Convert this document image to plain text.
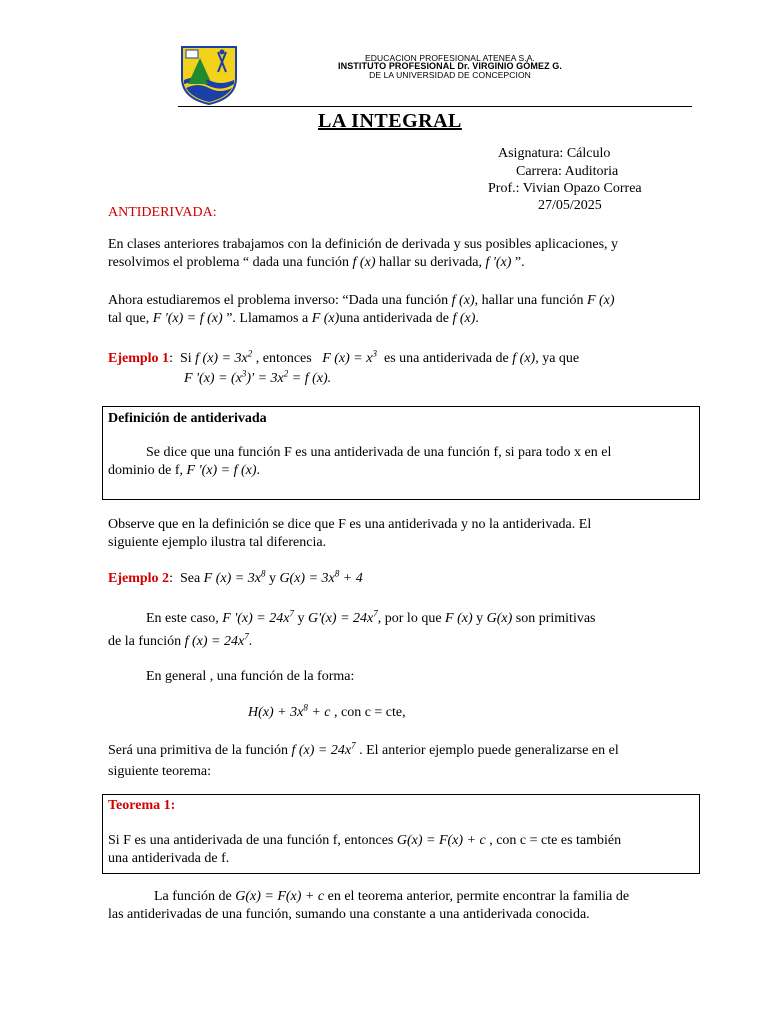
EDUCACION PROFESIONAL ATENEA S.A.
INSTITUTO PROFESIONAL Dr. VIRGINIO GÓMEZ G.
DE LA UNIVERSIDAD DE CONCEPCION
LA INTEGRAL
Asignatura: Cálculo
Carrera: Auditoria
Prof.: Vivian Opazo Correa
27/05/2025
ANTIDERIVADA:
En clases anteriores trabajamos con la definición de derivada y sus posibles aplicaciones, y
resolvimos el problema “ dada una función f (x) hallar su derivada, f '(x) ”.
Ahora estudiaremos el problema inverso: “Dada una función f (x), hallar una función F (x)
tal que, F '(x) = f (x) ”. Llamamos a F (x)una antiderivada de f (x).
Ejemplo 1: Si f $(x) = 3x^2$ , entonces   F $(x) = x^3$  es una antiderivada de f (x), ya que
F '$(x) = (x^3)' = 3x^2 = f$ (x).
Definición de antiderivada
Se dice que una función F es una antiderivada de una función f, si para todo x en el
dominio de f, F '(x) = f (x).
Observe que en la definición se dice que F es una antiderivada y no la antiderivada. El
siguiente ejemplo ilustra tal diferencia.
Ejemplo 2: Sea F $(x) = 3x^8$ y $G(x) = 3x^8 + 4$
En este caso, F '$(x) = 24x^7$ y $G'(x) = 24x^7$, por lo que F (x) y G(x) son primitivas
de la función f $(x) = 24x^7$.
En general , una función de la forma:
$H(x) + 3x^8 + c$ , con c = cte,
Será una primitiva de la función f $(x) = 24x^7$ . El anterior ejemplo puede generalizarse en el
siguiente teorema:
Teorema 1:
Si F es una antiderivada de una función f, entonces G(x) = F(x) + c , con c = cte es también
una antiderivada de f.
La función de G(x) = F(x) + c en el teorema anterior, permite encontrar la familia de
las antiderivadas de una función, sumando una constante a una antiderivada conocida.
